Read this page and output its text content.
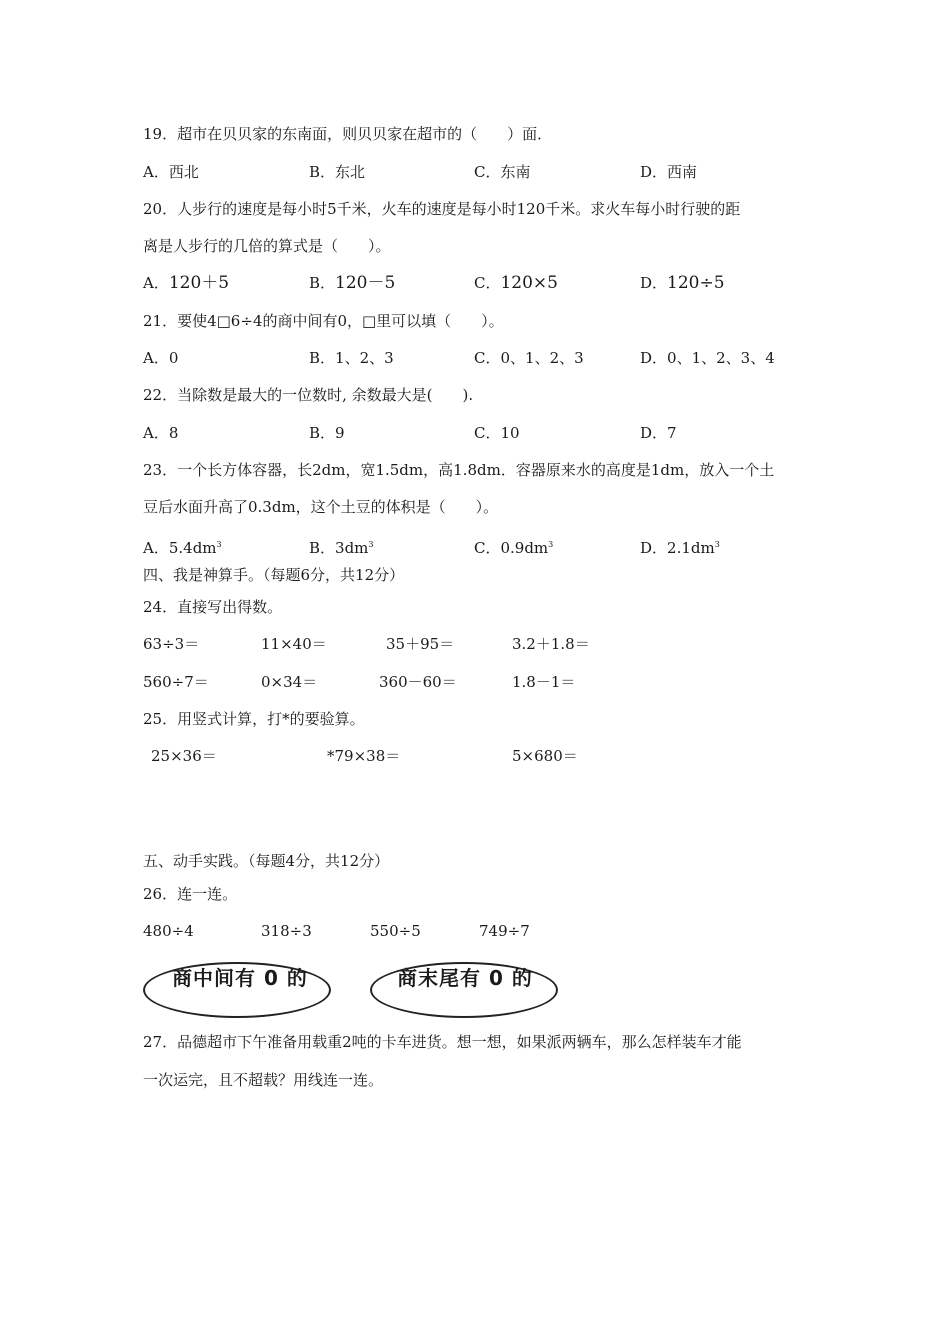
19．超市在贝贝家的东南面，则贝贝家在超市的（　　）面．
A．西北	B．东北	C．东南	D．西南
20．人步行的速度是每小时5千米，火车的速度是每小时120千米。求火车每小时行驶的距
离是人步行的几倍的算式是（　　）。
A．120＋5	B．120－5	C．120×5	D．120÷5
21．要使4□6÷4的商中间有0，□里可以填（　　）。
A．0	B．1、2、3	C．0、1、2、3	D．0、1、2、3、4
22．当除数是最大的一位数时, 余数最大是(　　).
A．8	B．9	C．10	D．7
23．一个长方体容器，长2dm，宽1.5dm，高1.8dm．容器原来水的高度是1dm，放入一个土
豆后水面升高了0.3dm，这个土豆的体积是（　　）。
A．$5.4dm^3$	B．$3dm^3$	C．$0.9dm^3$	D．$2.1dm^3$
四、我是神算手。（每题6分，共12分）
24．直接写出得数。
63÷3＝	11×40＝	35＋95＝	3.2＋1.8＝
560÷7＝	0×34＝	360－60＝	1.8－1＝
25．用竖式计算，打*的要验算。
25×36＝	*79×38＝	5×680＝
五、动手实践。（每题4分，共12分）
26．连一连。
480÷4	318÷3	550÷5	749÷7
商中间有 0 的	商末尾有 0 的
27．品德超市下午准备用载重2吨的卡车进货。想一想，如果派两辆车，那么怎样装车才能
一次运完，且不超载？用线连一连。
